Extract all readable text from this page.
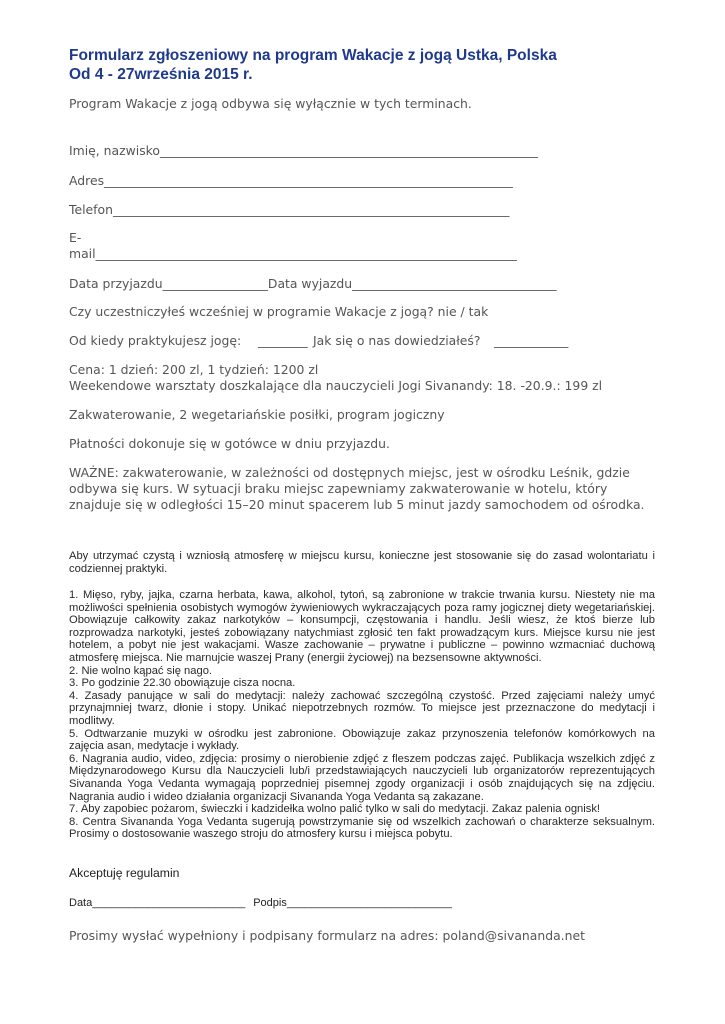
Formularz zgłoszeniowy na program Wakacje z jogą Ustka, Polska
Od 4 - 27września 2015 r.
Program Wakacje z jogą odbywa się wyłącznie w tych terminach.
Imię, nazwisko_____________________________________________________________
Adres__________________________________________________________________
Telefon________________________________________________________________
E-
mail____________________________________________________________________
Data przyjazdu_________________Data wyjazdu_________________________________
Czy uczestniczyłeś wcześniej w programie Wakacje z jogą? nie / tak
Od kiedy praktykujesz jogę: ________ Jak się o nas dowiedziałeś? ____________
Cena: 1 dzień: 200 zl, 1 tydzień: 1200 zl
Weekendowe warsztaty doszkalające dla nauczycieli Jogi Sivanandy: 18. -20.9.: 199 zl
Zakwaterowanie, 2 wegetariańskie posiłki, program jogiczny
Płatności dokonuje się w gotówce w dniu przyjazdu.
WAŻNE: zakwaterowanie, w zależności od dostępnych miejsc, jest w ośrodku Leśnik, gdzie
odbywa się kurs. W sytuacji braku miejsc zapewniamy zakwaterowanie w hotelu, który
znajduje się w odległości 15–20 minut spacerem lub 5 minut jazdy samochodem od ośrodka.
Aby utrzymać czystą i wzniosłą atmosferę w miejscu kursu, konieczne jest stosowanie się do zasad wolontariatu i codziennej praktyki.

1. Mięso, ryby, jajka, czarna herbata, kawa, alkohol, tytoń, są zabronione w trakcie trwania kursu. Niestety nie ma możliwości spełnienia osobistych wymogów żywieniowych wykraczających poza ramy jogicznej diety wegetariańskiej. Obowiązuje całkowity zakaz narkotyków – konsumpcji, częstowania i handlu. Jeśli wiesz, że ktoś bierze lub rozprowadza narkotyki, jesteś zobowiązany natychmiast zgłosić ten fakt prowadzącym kurs. Miejsce kursu nie jest hotelem, a pobyt nie jest wakacjami. Wasze zachowanie – prywatne i publiczne – powinno wzmacniać duchową atmosferę miejsca. Nie marnujcie waszej Prany (energii życiowej) na bezsensowne aktywności.

2. Nie wolno kąpać się nago.

3. Po godzinie 22.30 obowiązuje cisza nocna.

4. Zasady panujące w sali do medytacji: należy zachować szczególną czystość. Przed zajęciami należy umyć przynajmniej twarz, dłonie i stopy. Unikać niepotrzebnych rozmów. To miejsce jest przeznaczone do medytacji i modlitwy.

5. Odtwarzanie muzyki w ośrodku jest zabronione. Obowiązuje zakaz przynoszenia telefonów komórkowych na zajęcia asan, medytacje i wykłady.

6. Nagrania audio, video, zdjęcia: prosimy o nierobienie zdjęć z fleszem podczas zajęć. Publikacja wszelkich zdjęć z Międzynarodowego Kursu dla Nauczycieli lub/i przedstawiających nauczycieli lub organizatorów reprezentujących Sivananda Yoga Vedanta wymagają poprzedniej pisemnej zgody organizacji i osób znajdujących się na zdjęciu. Nagrania audio i wideo działania organizacji Sivananda Yoga Vedanta są zakazane.

7. Aby zapobiec pożarom, świeczki i kadzidełka wolno palić tylko w sali do medytacji. Zakaz palenia ognisk!

8. Centra Sivananda Yoga Vedanta sugerują powstrzymanie się od wszelkich zachowań o charakterze seksualnym. Prosimy o dostosowanie waszego stroju do atmosfery kursu i miejsca pobytu.

Akceptuję regulamin
Data_________________________ Podpis___________________________
Prosimy wysłać wypełniony i podpisany formularz na adres: poland@sivananda.net
